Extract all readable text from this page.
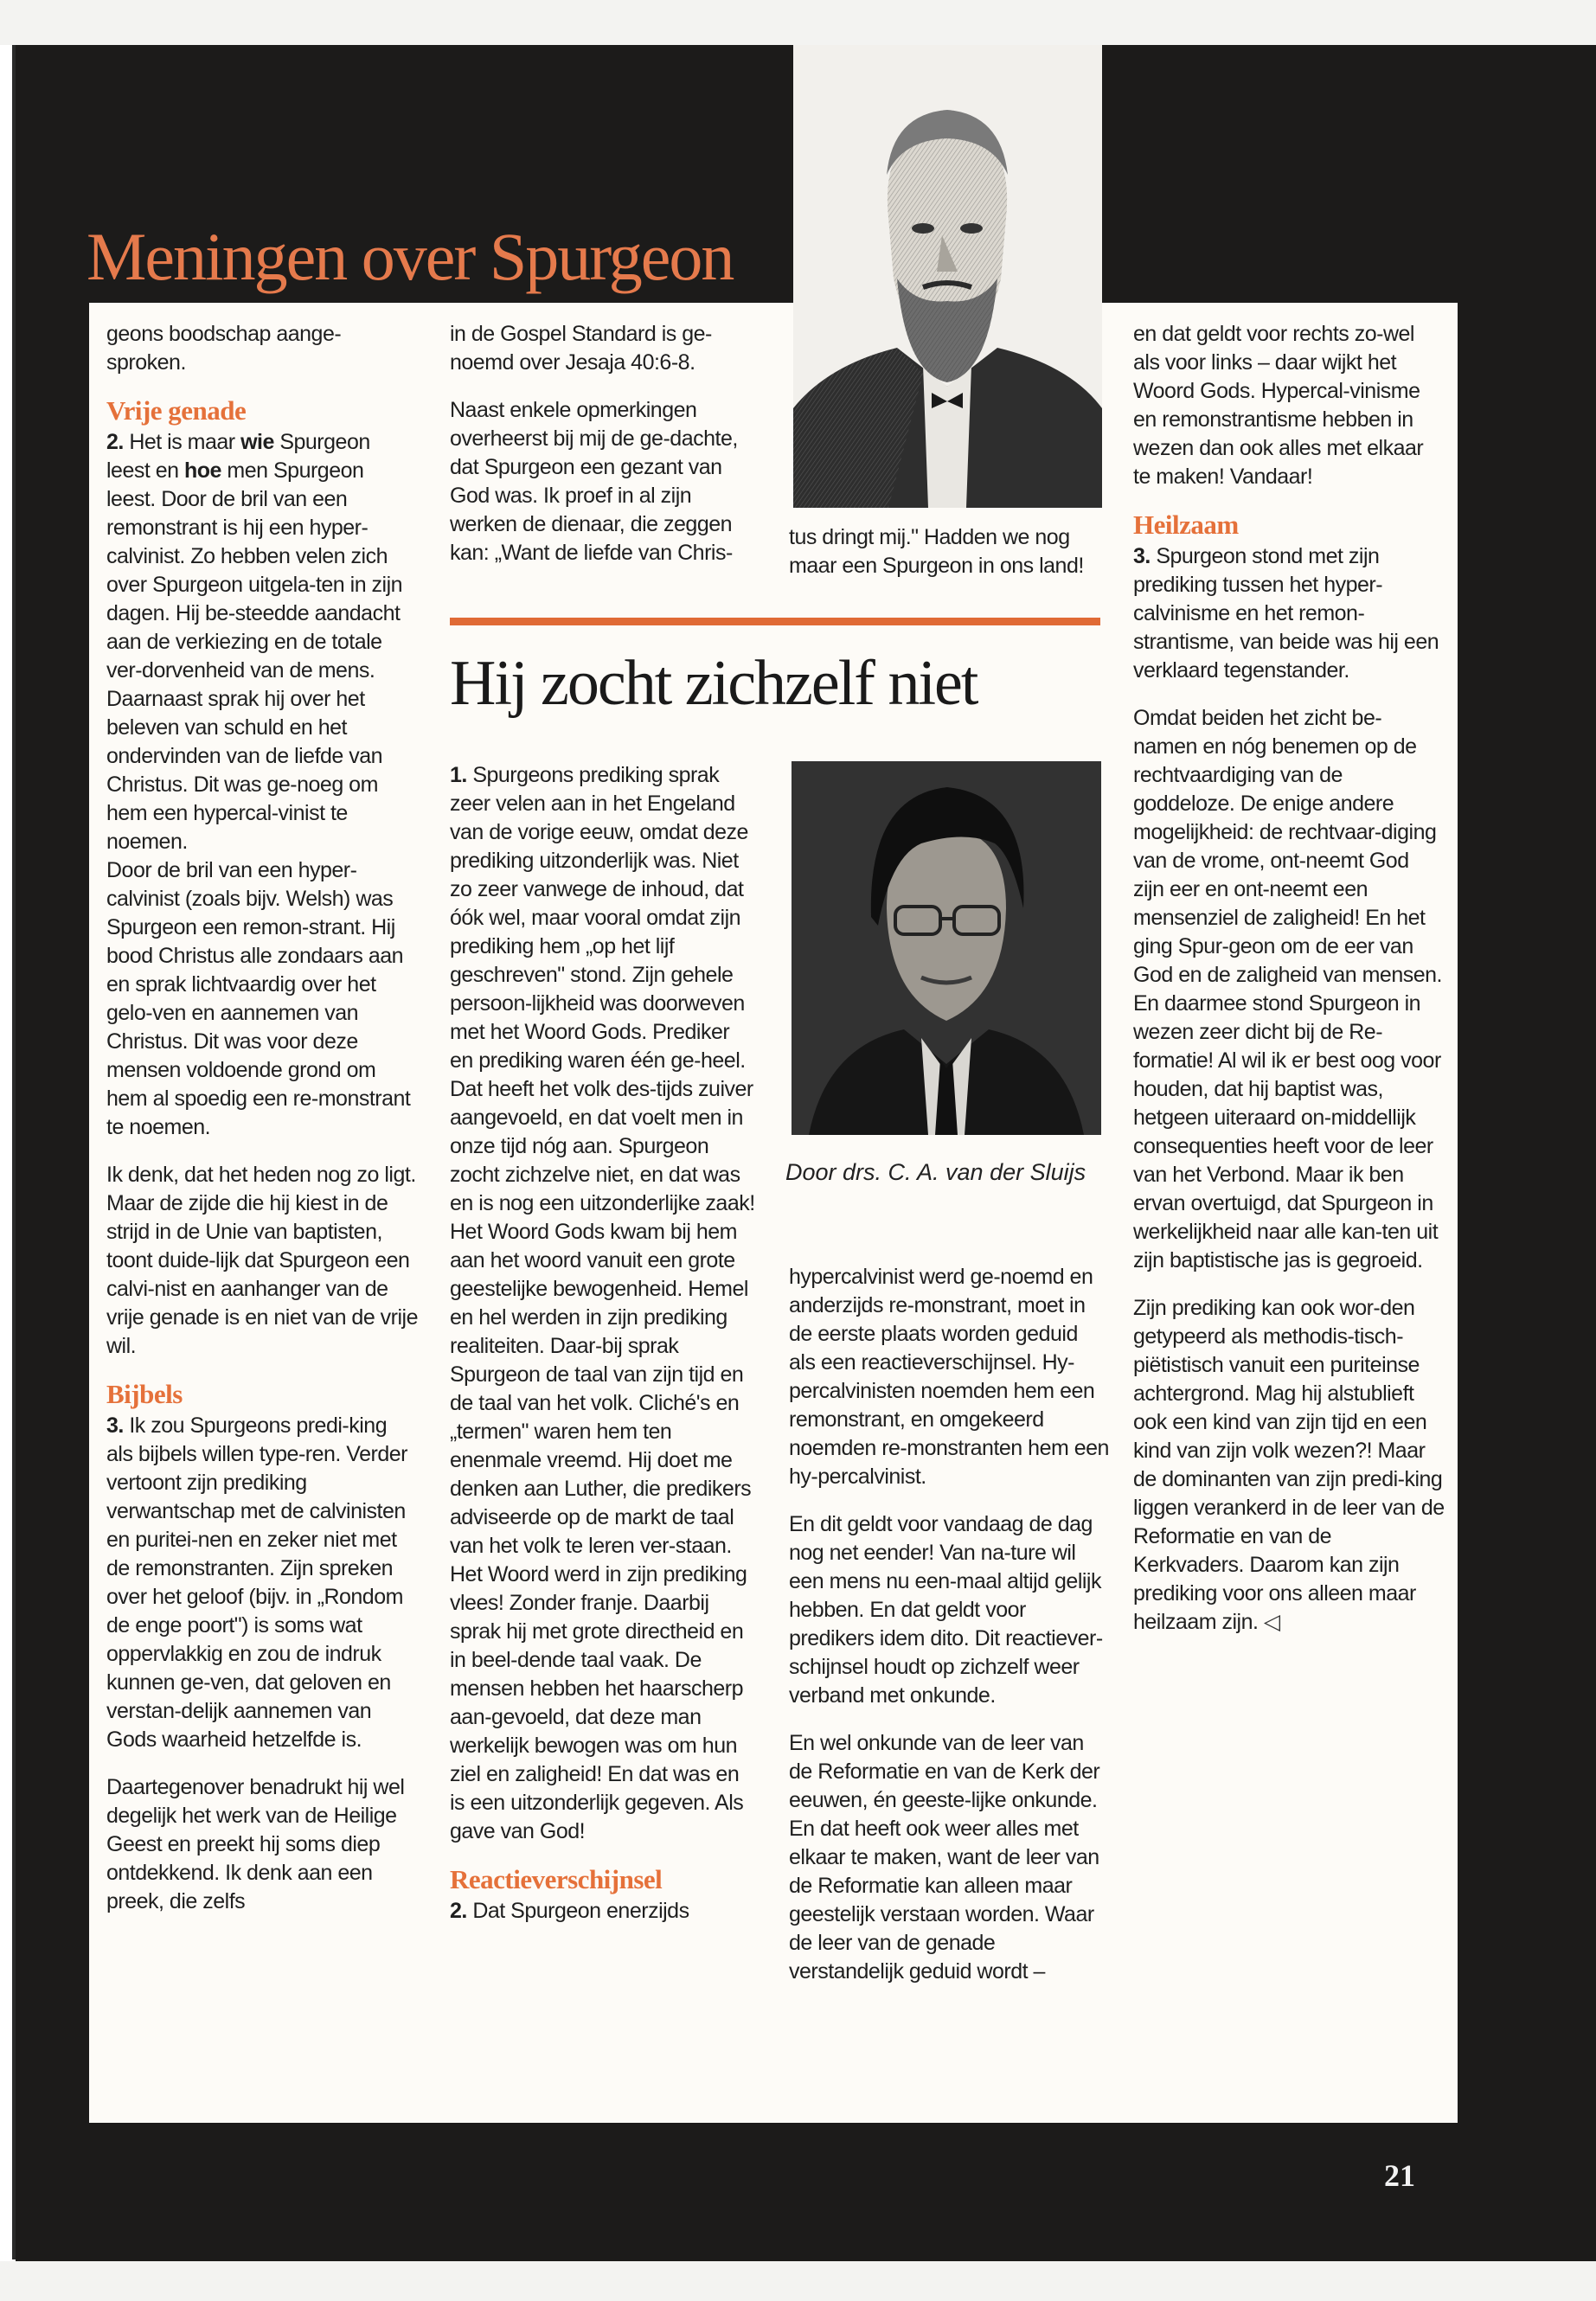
Meningen over Spurgeon

geons boodschap aange-sproken.

Vrije genade

2. Het is maar wie Spurgeon leest en hoe men Spurgeon leest. Door de bril van een remonstrant is hij een hyper-calvinist. Zo hebben velen zich over Spurgeon uitgela-ten in zijn dagen. Hij be-steedde aandacht aan de verkiezing en de totale ver-dorvenheid van de mens. Daarnaast sprak hij over het beleven van schuld en het ondervinden van de liefde van Christus. Dit was ge-noeg om hem een hypercal-vinist te noemen.

Door de bril van een hyper-calvinist (zoals bijv. Welsh) was Spurgeon een remon-strant. Hij bood Christus alle zondaars aan en sprak lichtvaardig over het gelo-ven en aannemen van Christus. Dit was voor deze mensen voldoende grond om hem al spoedig een re-monstrant te noemen.

Ik denk, dat het heden nog zo ligt. Maar de zijde die hij kiest in de strijd in de Unie van baptisten, toont duide-lijk dat Spurgeon een calvi-nist en aanhanger van de vrije genade is en niet van de vrije wil.

Bijbels

3. Ik zou Spurgeons predi-king als bijbels willen type-ren. Verder vertoont zijn prediking verwantschap met de calvinisten en puritei-nen en zeker niet met de remonstranten. Zijn spreken over het geloof (bijv. in „Rondom de enge poort") is soms wat oppervlakkig en zou de indruk kunnen ge-ven, dat geloven en verstan-delijk aannemen van Gods waarheid hetzelfde is.

Daartegenover benadrukt hij wel degelijk het werk van de Heilige Geest en preekt hij soms diep ontdekkend. Ik denk aan een preek, die zelfs

in de Gospel Standard is ge-noemd over Jesaja 40:6-8.

Naast enkele opmerkingen overheerst bij mij de ge-dachte, dat Spurgeon een gezant van God was. Ik proef in al zijn werken de dienaar, die zeggen kan: „Want de liefde van Chris-

tus dringt mij." Hadden we nog maar een Spurgeon in ons land!

Hij zocht zichzelf niet

1. Spurgeons prediking sprak zeer velen aan in het Engeland van de vorige eeuw, omdat deze prediking uitzonderlijk was. Niet zo zeer vanwege de inhoud, dat óók wel, maar vooral omdat zijn prediking hem „op het lijf geschreven" stond. Zijn gehele persoon-lijkheid was doorweven met het Woord Gods. Prediker en prediking waren één ge-heel. Dat heeft het volk des-tijds zuiver aangevoeld, en dat voelt men in onze tijd nóg aan. Spurgeon zocht zichzelve niet, en dat was en is nog een uitzonderlijke zaak! Het Woord Gods kwam bij hem aan het woord vanuit een grote geestelijke bewogenheid. Hemel en hel werden in zijn prediking realiteiten. Daar-bij sprak Spurgeon de taal van zijn tijd en de taal van het volk. Cliché's en „termen" waren hem ten enenmale vreemd. Hij doet me denken aan Luther, die predikers adviseerde op de markt de taal van het volk te leren ver-staan. Het Woord werd in zijn prediking vlees! Zonder franje. Daarbij sprak hij met grote directheid en in beel-dende taal vaak. De mensen hebben het haarscherp aan-gevoeld, dat deze man werkelijk bewogen was om hun ziel en zaligheid! En dat was en is een uitzonderlijk gegeven. Als gave van God!

Reactieverschijnsel

2. Dat Spurgeon enerzijds

Door drs. C. A. van der Sluijs

hypercalvinist werd ge-noemd en anderzijds re-monstrant, moet in de eerste plaats worden geduid als een reactieverschijnsel. Hy-percalvinisten noemden hem een remonstrant, en omgekeerd noemden re-monstranten hem een hy-percalvinist.

En dit geldt voor vandaag de dag nog net eender! Van na-ture wil een mens nu een-maal altijd gelijk hebben. En dat geldt voor predikers idem dito. Dit reactiever-schijnsel houdt op zichzelf weer verband met onkunde.

En wel onkunde van de leer van de Reformatie en van de Kerk der eeuwen, én geeste-lijke onkunde. En dat heeft ook weer alles met elkaar te maken, want de leer van de Reformatie kan alleen maar geestelijk verstaan worden. Waar de leer van de genade verstandelijk geduid wordt –

en dat geldt voor rechts zo-wel als voor links – daar wijkt het Woord Gods. Hypercal-vinisme en remonstrantisme hebben in wezen dan ook alles met elkaar te maken! Vandaar!

Heilzaam

3. Spurgeon stond met zijn prediking tussen het hyper-calvinisme en het remon-strantisme, van beide was hij een verklaard tegenstander.

Omdat beiden het zicht be-namen en nóg benemen op de rechtvaardiging van de goddeloze. De enige andere mogelijkheid: de rechtvaar-diging van de vrome, ont-neemt God zijn eer en ont-neemt een mensenziel de zaligheid! En het ging Spur-geon om de eer van God en de zaligheid van mensen. En daarmee stond Spurgeon in wezen zeer dicht bij de Re-formatie! Al wil ik er best oog voor houden, dat hij baptist was, hetgeen uiteraard on-middellijk consequenties heeft voor de leer van het Verbond. Maar ik ben ervan overtuigd, dat Spurgeon in werkelijkheid naar alle kan-ten uit zijn baptistische jas is gegroeid.

Zijn prediking kan ook wor-den getypeerd als methodis-tisch-piëtistisch vanuit een puriteinse achtergrond. Mag hij alstublieft ook een kind van zijn tijd en een kind van zijn volk wezen?! Maar de dominanten van zijn predi-king liggen verankerd in de leer van de Reformatie en van de Kerkvaders. Daarom kan zijn prediking voor ons alleen maar heilzaam zijn. ◁

21
